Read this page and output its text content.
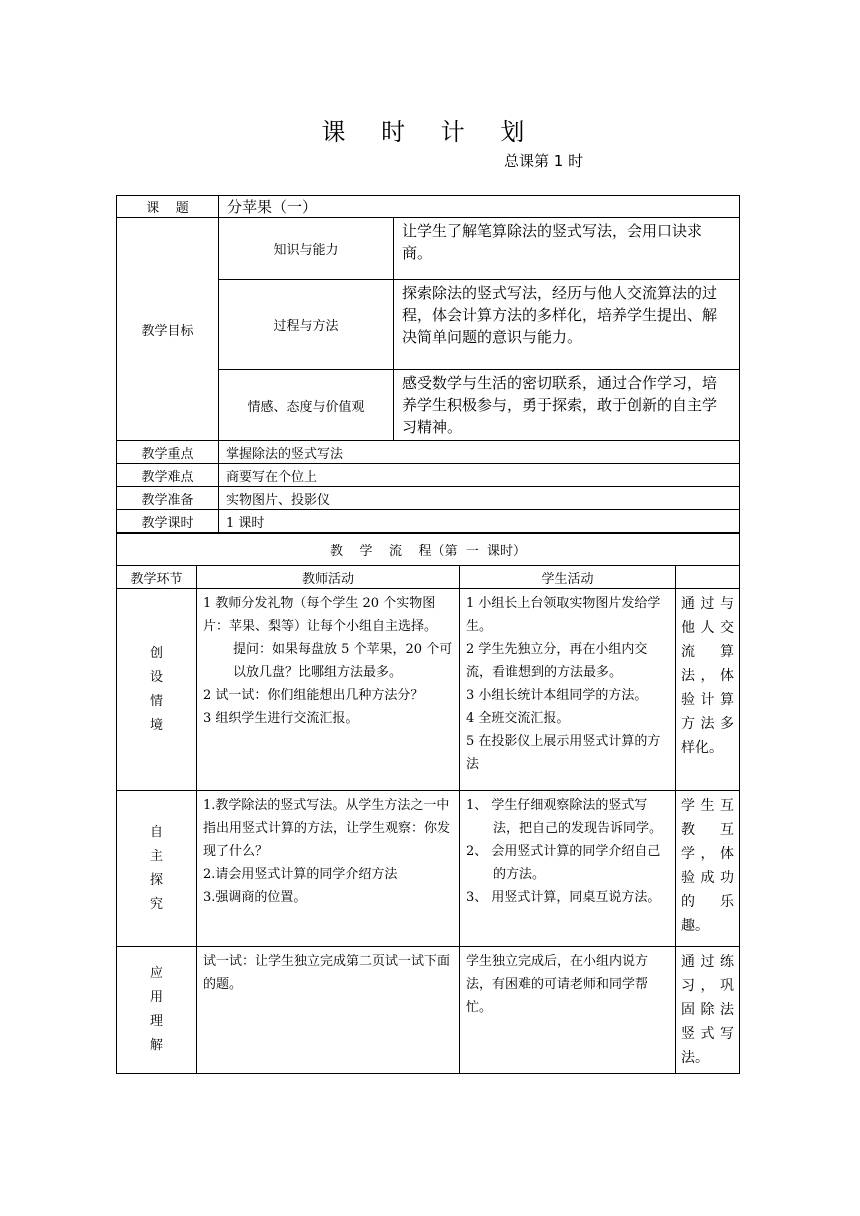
课 时 计 划
总课第 1 时
课    题	分苹果（一）	
教学目标	知识与能力	让学生了解笔算除法的竖式写法，会用口诀求商。
	过程与方法	探索除法的竖式写法，经历与他人交流算法的过程，体会计算方法的多样化，培养学生提出、解决简单问题的意识与能力。
	情感、态度与价值观	感受数学与生活的密切联系，通过合作学习，培养学生积极参与，勇于探索，敢于创新的自主学习精神。
教学重点	掌握除法的竖式写法	
教学难点	商要写在个位上	
教学准备	实物图片、投影仪	
教学课时	1 课时	
教    学    流    程（第  一  课时）			
教学环节	教师活动	学生活动	

创
设
情
境	1 教师分发礼物（每个学生 20 个实物图片：苹果、梨等）让每个小组自主选择。
提问：如果每盘放 5 个苹果，20 个可以放几盘？比哪组方法最多。
2 试一试：你们组能想出几种方法分？
3 组织学生进行交流汇报。	1 小组长上台领取实物图片发给学生。
2 学生先独立分，再在小组内交流，看谁想到的方法最多。
3 小组长统计本组同学的方法。
4 全班交流汇报。
5 在投影仪上展示用竖式计算的方法	通过与他人交流算法，体验计算方法多样化。

自
主
探
究	1.教学除法的竖式写法。从学生方法之一中指出用竖式计算的方法，让学生观察：你发现了什么？
2.请会用竖式计算的同学介绍方法
3.强调商的位置。	1、 学生仔细观察除法的竖式写法，把自己的发现告诉同学。
2、 会用竖式计算的同学介绍自己的方法。
3、 用竖式计算，同桌互说方法。	学生互教互学，体验成功的乐趣。

应
用
理
解	试一试：让学生独立完成第二页试一试下面的题。	学生独立完成后，在小组内说方法，有困难的可请老师和同学帮忙。	通过练习，巩固除法竖式写法。
